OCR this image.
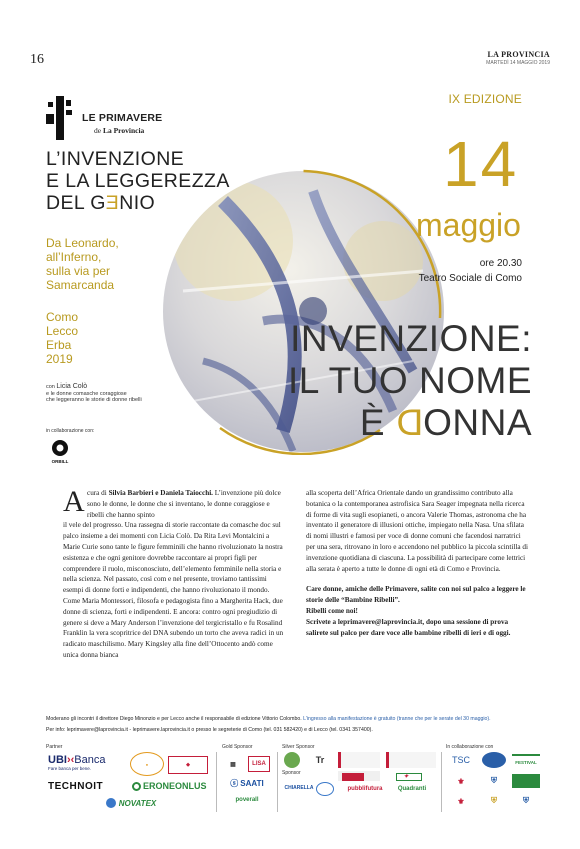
16	LA PROVINCIA
MARTEDÌ 14 MAGGIO 2019
LE PRIMAVERE
de La Provincia
IX EDIZIONE
L’INVENZIONE
E LA LEGGEREZZA
DEL GƎNIO
Da Leonardo,
all’Inferno,
sulla via per
Samarcanda
Como
Lecco
Erba
2019
con Licia Colò
e le donne comasche coraggiose
che leggeranno le storie di donne ribelli
in collaborazione con:
ORBILL
14
maggio
ore 20.30
Teatro Sociale di Como
INVENZIONE:
IL TUO NOME
È DONNA
A cura di Silvia Barbieri e Daniela Taiocchi. L’invenzione più dolce sono le donne, le donne che si inventano, le donne coraggiose e ribelli che hanno spinto

il vele del progresso. Una rassegna di storie raccontate da comasche doc sul palco insieme a dei momenti con Licia Colò. Da Rita Levi Montalcini a Marie Curie sono tante le figure femminili che hanno rivoluzionato la nostra esistenza e che ogni genitore dovrebbe raccontare ai propri figli per comprendere il ruolo, misconosciuto, dell’elemento femminile nella storia e nella scienza. Nel passato, così com e nel presente, troviamo tantissimi esempi di donne forti e indipendenti, che hanno rivoluzionato il mondo. Come Maria Montessori, filosofa e pedagogista fino a Margherita Hack, due donne di scienza, forti e indipendenti. E ancora: contro ogni pregiudizio di genere si deve a Mary Anderson l’invenzione del tergicristallo e fu Rosalind Franklin la vera scopritrice del DNA subendo un torto che aveva radici in un radicato maschilismo. Mary Kingsley alla fine dell’Ottocento andò come unica donna bianca

alla scoperta dell’Africa Orientale dando un grandissimo contributo alla botanica o la contemporanea astrofisica Sara Seager impegnata nella ricerca di forme di vita sugli esopianeti, o ancora Valerie Thomas, astronoma che ha inventato il generatore di illusioni ottiche, impiegato nella Nasa. Una sfilata di nomi illustri e famosi per voce di donne comuni che facendosi narratrici per una sera, ritrovano in loro e accendono nel pubblico la piccola scintilla di invenzione quotidiana di ciascuna. La possibilità di partecipare come lettrici alla serata è aperto a tutte le donne di ogni età di Como e Provincia.

Care donne, amiche delle Primavere, salite con noi sul palco a leggere le storie delle “Bambine Ribelli”.
Ribelli come noi!
Scrivete a leprimavere@laprovincia.it, dopo una sessione di prova salirete sul palco per dare voce alle bambine ribelli di ieri e di oggi.
Moderano gli incontri il direttore Diego Minonzio e per Lecco anche il responsabile di edizione Vittorio Colombo. L’ingresso alla manifestazione è gratuito (tranne che per le serate del 30 maggio).
Per info: leprimavere@laprovincia.it - leprimavere.laprovincia.it o presso le segreterie di Como (tel. 031 582420) e di Lecco (tel. 0341 357400).
Partner	Gold Sponsor	Silver Sponsor
Sponsor
In collaborazione con
UBI›‹Banca
Fare banca per bene.
●	◆
TECHNOIT	ERONEONLUS
NOVATEX
▦	LISA
ⓢ SAATI
poverall
Tr
✦
CHIARELLA	pubblifutura	Quadranti
TSC	FESTIVAL
⚜	⛨
⚜	⛨	⛨
